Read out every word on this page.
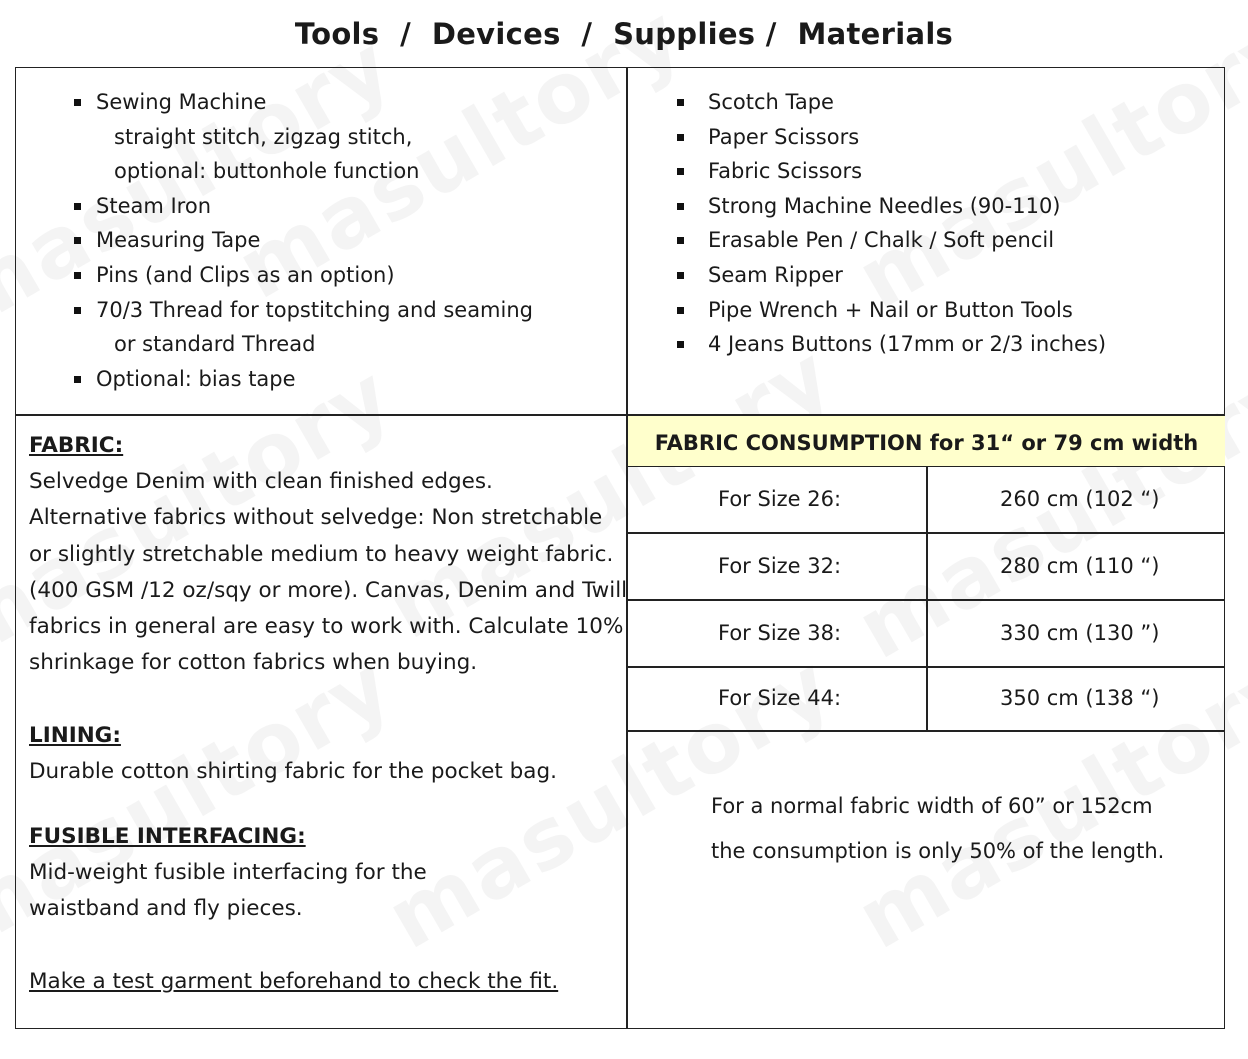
Tools  /  Devices  /  Supplies /  Materials
Sewing Machine
straight stitch, zigzag stitch,
optional: buttonhole function
Steam Iron
Measuring Tape
Pins (and Clips as an option)
70/3 Thread for topstitching and seaming
or standard Thread
Optional: bias tape
Scotch Tape
Paper Scissors
Fabric Scissors
Strong Machine Needles (90-110)
Erasable Pen / Chalk / Soft pencil
Seam Ripper
Pipe Wrench + Nail or Button Tools
4 Jeans Buttons (17mm or 2/3 inches)
FABRIC:
Selvedge Denim with clean finished edges.
Alternative fabrics without selvedge: Non stretchable
or slightly stretchable medium to heavy weight fabric.
(400 GSM /12 oz/sqy or more). Canvas, Denim and Twill
fabrics in general are easy to work with. Calculate 10%
shrinkage for cotton fabrics when buying.
LINING:
Durable cotton shirting fabric for the pocket bag.
FUSIBLE INTERFACING:
Mid-weight fusible interfacing for the
waistband and fly pieces.
Make a test garment beforehand to check the fit.
FABRIC CONSUMPTION for 31“ or 79 cm width
For Size 26:	260 cm (102 “)
For Size 32:	280 cm (110 “)
For Size 38:	330 cm (130 ”)
For Size 44:	350 cm (138 “)
For a normal fabric width of 60” or 152cm
the consumption is only 50% of the length.
